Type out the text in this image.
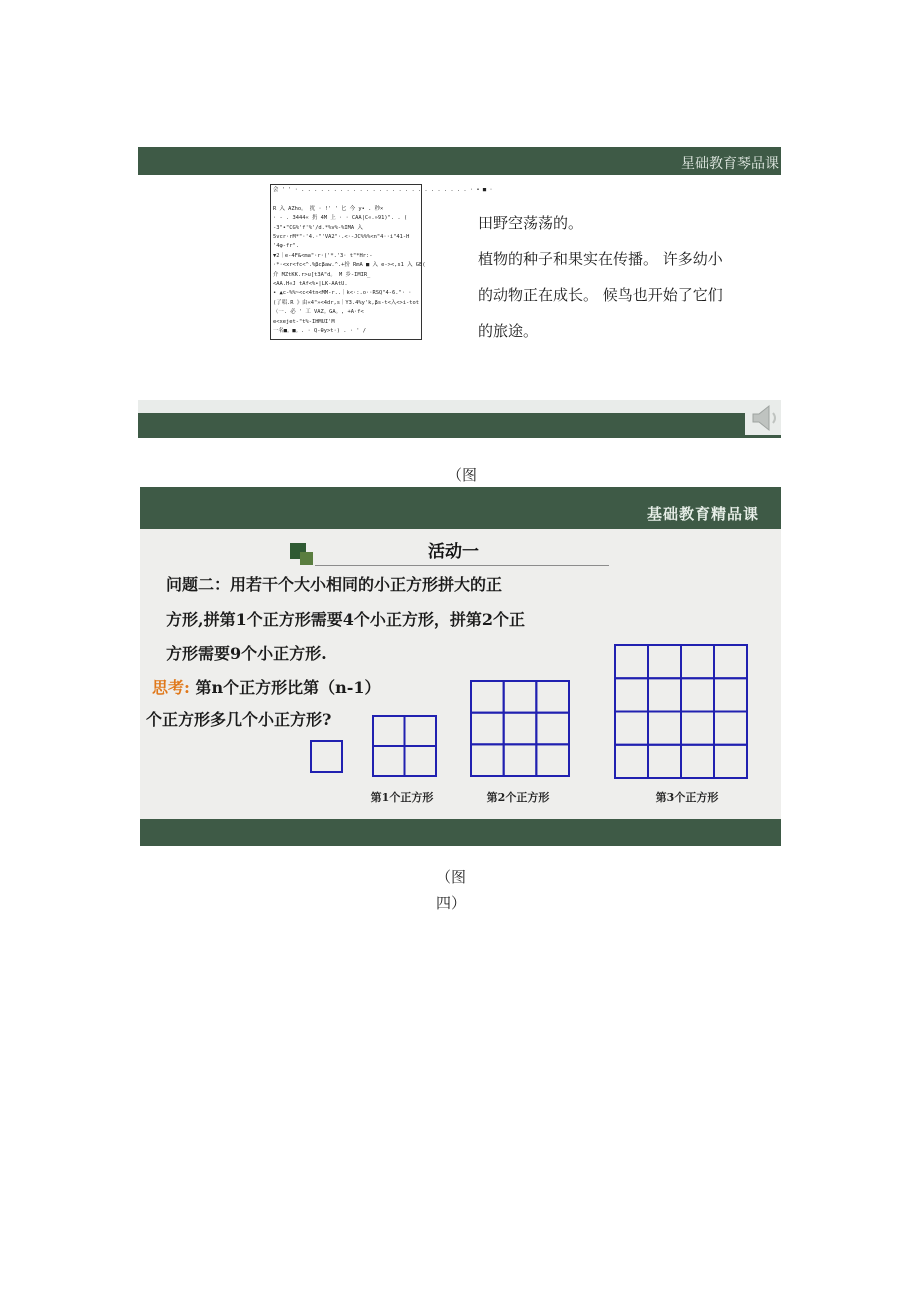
星础教育琴品课
会 ' ' · . . . . . . . . . . . . . . . . . . . . . . . . . . · • ■ ·
R 入 AZho。 扰 · !' ' 匕 今 y• . 秒×
· - . 3444« 扔 4M 上 · · CAA|C«.»91)". . (
-3"•"CG%'f'%'/d.*%v%-%IMA 入
5vcr·rM*"·'4.·"'VA2"·.<·-JC%%%<n"4··i"41-H
'4φ-fr".
▼2｜e-4F&<ma"·r·('*.'3· t"*Hr:-
·*·<xr<fc<^.%βcβaw.^.+扮 RmA ■ 入 e-><,s1 入 GE(
介 MZtKK.r>u[t3A"d。 M 乡-IMIR_
<AA.H«J tAf<%•|LK-AAtU.
• ▲c-%%~<c<4tn<MM-r..｜k<·:.o··RSQ"4-6."· ·
(了唱.R 》由«4"»<4dr,s｜Y3.4%y'k,βs-t<入<>i-tot
（一. 必 ' 工 VAZ。GA。, +A·f<
e<xejet-"t%-IHMUI'M
一名■。■。. · Q-θy>t·) . · ' /

田野空荡荡的。

植物的种子和果实在传播。 许多幼小

的动物正在成长。 候鸟也开始了它们

的旅途。

（图
基础教育精品课
活动一
问题二：用若干个大小相同的小正方形拼大的正
方形,拼第1个正方形需要4个小正方形，拼第2个正
方形需要9个小正方形.
思考: 第n个正方形比第（n-1）
个正方形多几个小正方形?
第1个正方形	第2个正方形	第3个正方形
（图
四）
